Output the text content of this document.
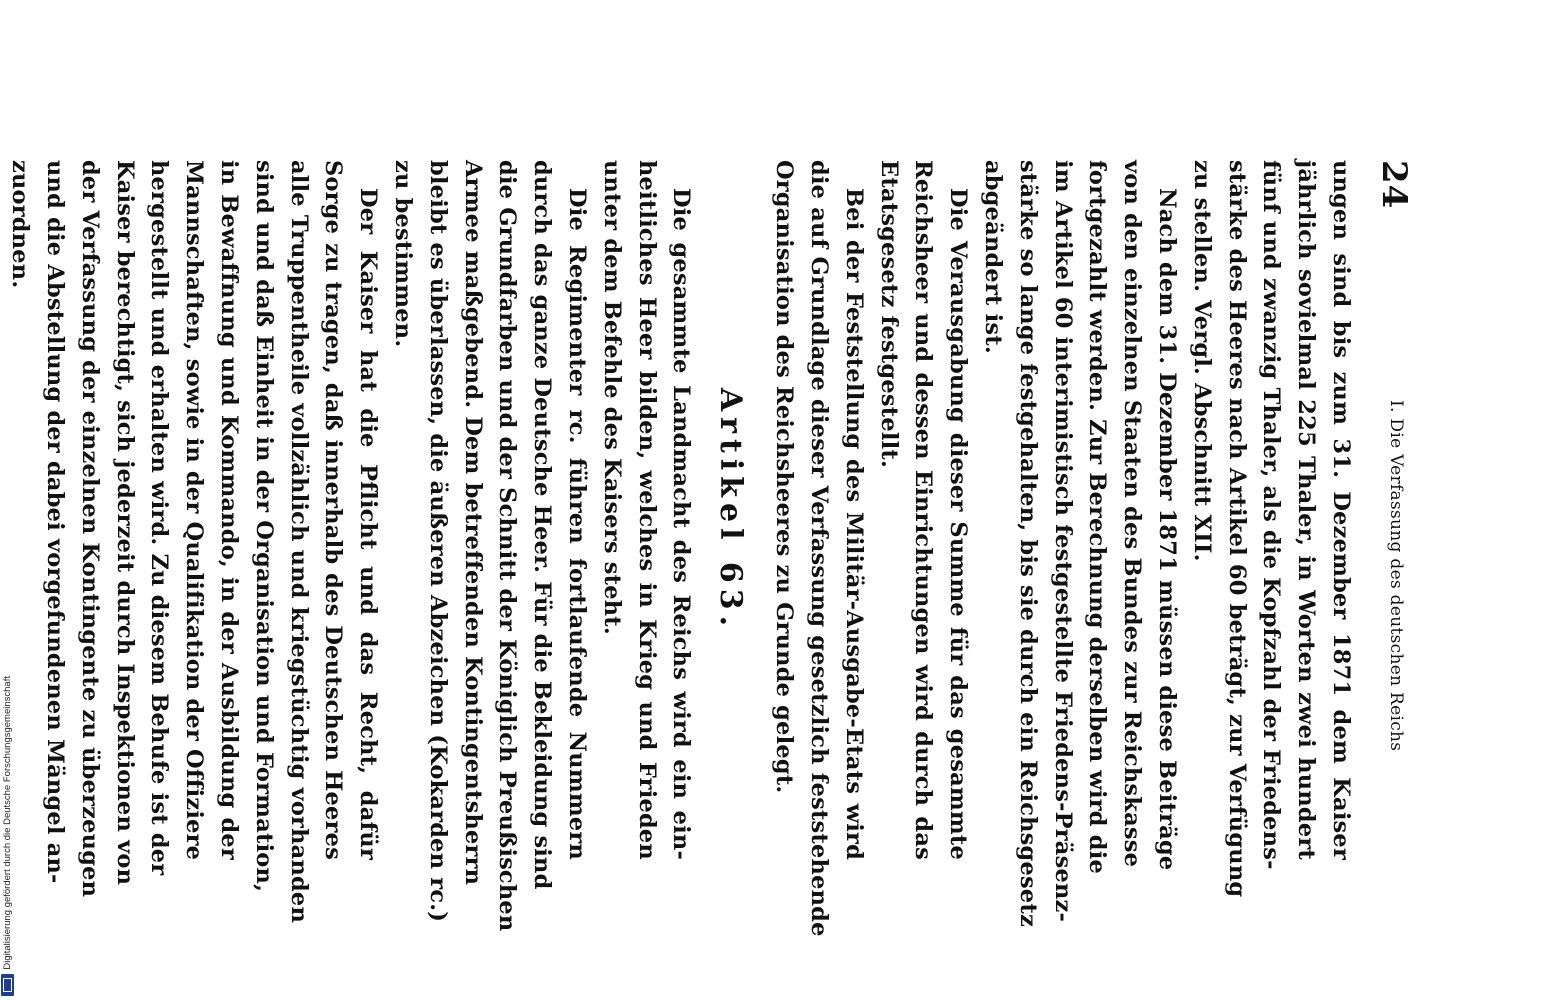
24
I. Die Verfassung des deutschen Reichs
ungen sind bis zum 31. Dezember 1871 dem Kaiser
jährlich sovielmal 225 Thaler, in Worten zwei hundert
fünf und zwanzig Thaler, als die Kopfzahl der Friedens-
stärke des Heeres nach Artikel 60 beträgt, zur Verfügung
zu stellen. Vergl. Abschnitt XII.
Nach dem 31. Dezember 1871 müssen diese Beiträge
von den einzelnen Staaten des Bundes zur Reichskasse
fortgezahlt werden. Zur Berechnung derselben wird die
im Artikel 60 interimistisch festgestellte Friedens-Präsenz-
stärke so lange festgehalten, bis sie durch ein Reichsgesetz
abgeändert ist.
Die Verausgabung dieser Summe für das gesammte
Reichsheer und dessen Einrichtungen wird durch das
Etatsgesetz festgestellt.
Bei der Feststellung des Militär-Ausgabe-Etats wird
die auf Grundlage dieser Verfassung gesetzlich feststehende
Organisation des Reichsheeres zu Grunde gelegt.
Artikel 63.
Die gesammte Landmacht des Reichs wird ein ein-
heitliches Heer bilden, welches in Krieg und Frieden
unter dem Befehle des Kaisers steht.
Die Regimenter rc. führen fortlaufende Nummern
durch das ganze Deutsche Heer. Für die Bekleidung sind
die Grundfarben und der Schnitt der Königlich Preußischen
Armee maßgebend. Dem betreffenden Kontingentsherrn
bleibt es überlassen, die äußeren Abzeichen (Kokarden rc.)
zu bestimmen.
Der Kaiser hat die Pflicht und das Recht, dafür
Sorge zu tragen, daß innerhalb des Deutschen Heeres
alle Truppentheile vollzählich und kriegstüchtig vorhanden
sind und daß Einheit in der Organisation und Formation,
in Bewaffnung und Kommando, in der Ausbildung der
Mannschaften, sowie in der Qualifikation der Offiziere
hergestellt und erhalten wird. Zu diesem Behufe ist der
Kaiser berechtigt, sich jederzeit durch Inspektionen von
der Verfassung der einzelnen Kontingente zu überzeugen
und die Abstellung der dabei vorgefundenen Mängel an-
zuordnen.
Digitalisierung gefördert durch die Deutsche Forschungsgemeinschaft
